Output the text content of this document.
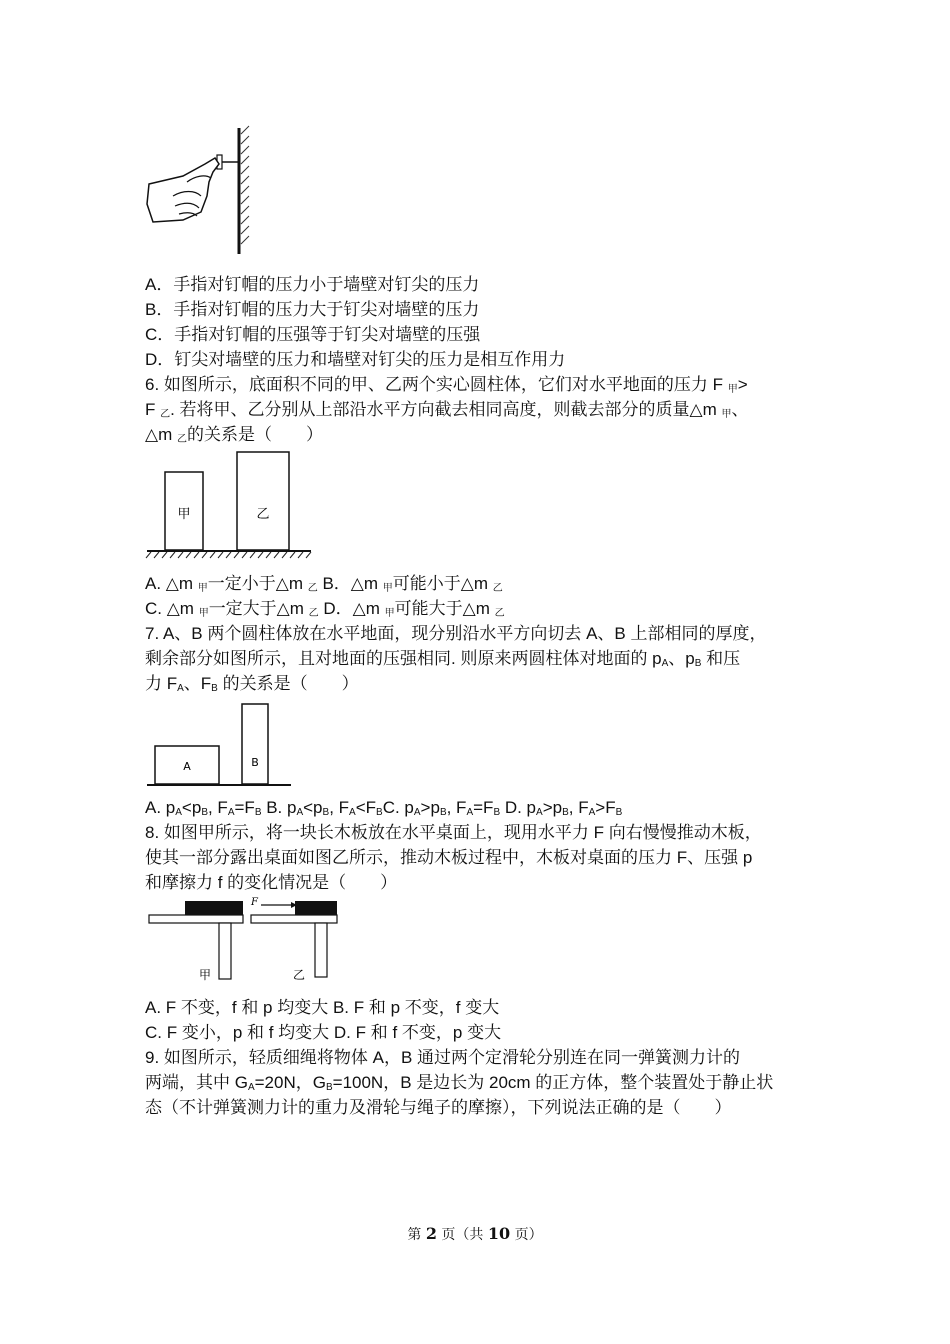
A．手指对钉帽的压力小于墙壁对钉尖的压力
B．手指对钉帽的压力大于钉尖对墙壁的压力
C．手指对钉帽的压强等于钉尖对墙壁的压强
D．钉尖对墙壁的压力和墙壁对钉尖的压力是相互作用力
6. 如图所示，底面积不同的甲、乙两个实心圆柱体，它们对水平地面的压力 F $_甲$>
F $_乙$. 若将甲、乙分别从上部沿水平方向截去相同高度，则截去部分的质量△m $_甲$、
△m $_乙$的关系是（　　）
甲	乙
A. △m $_甲$一定小于△m $_乙$ B．△m $_甲$可能小于△m $_乙$
C. △m $_甲$一定大于△m $_乙$ D．△m $_甲$可能大于△m $_乙$
7. A、B 两个圆柱体放在水平地面，现分别沿水平方向切去 A、B 上部相同的厚度，
剩余部分如图所示，且对地面的压强相同. 则原来两圆柱体对地面的 $p_A$、$p_B$ 和压
力 $F_A$、$F_B$ 的关系是（　　）
A	B
A. $p_A<p_B$, $F_A=F_B$ B. $p_A<p_B$, $F_A<F_BC$. $p_A>p_B$, $F_A=F_B$ D. $p_A>p_B$, $F_A>F_B$
8. 如图甲所示，将一块长木板放在水平桌面上，现用水平力 F 向右慢慢推动木板，
使其一部分露出桌面如图乙所示，推动木板过程中，木板对桌面的压力 F、压强 p
和摩擦力 f 的变化情况是（　　）
甲
F
乙
A. F 不变，f 和 p 均变大 B. F 和 p 不变，f 变大
C. F 变小，p 和 f 均变大 D. F 和 f 不变，p 变大
9. 如图所示，轻质细绳将物体 A，B 通过两个定滑轮分别连在同一弹簧测力计的
两端，其中 $G_A=20N$，$G_B=100N$，B 是边长为 20cm 的正方体，整个装置处于静止状
态（不计弹簧测力计的重力及滑轮与绳子的摩擦），下列说法正确的是（　　）
第 2 页（共 10 页）
